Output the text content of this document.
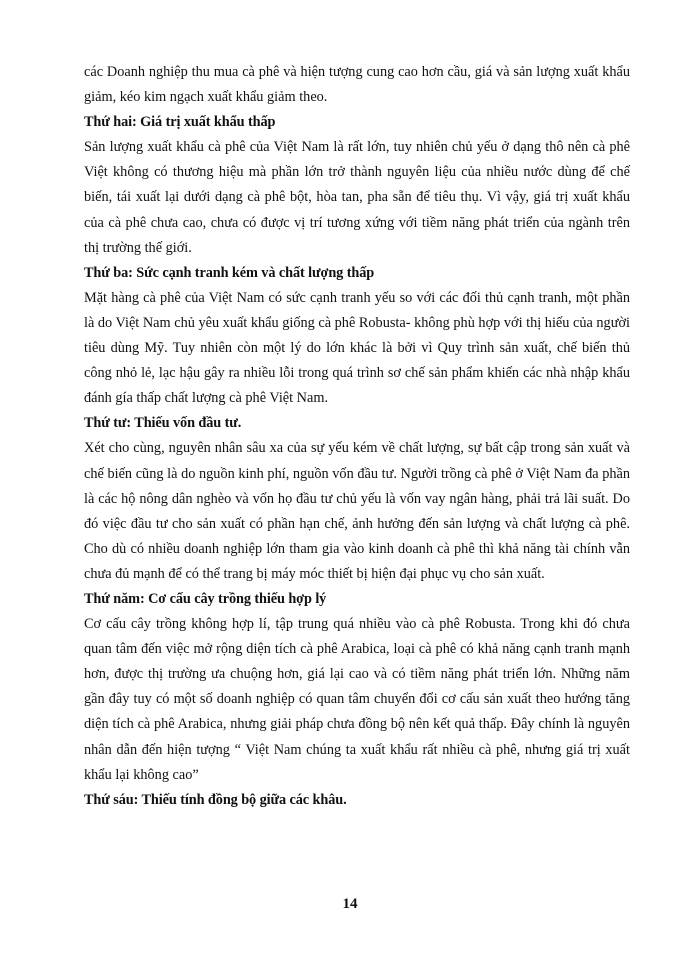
các Doanh nghiệp thu mua cà phê và hiện tượng cung cao hơn cầu, giá và sản lượng xuất khẩu giảm, kéo kim ngạch xuất khẩu giảm theo.

Thứ hai: Giá trị xuất khẩu thấp

Sản lượng xuất khẩu cà phê của Việt Nam là rất lớn, tuy nhiên chủ yếu ở dạng thô nên cà phê Việt không có thương hiệu mà phần lớn trở thành nguyên liệu của nhiều nước dùng để chế biến, tái xuất lại dưới dạng cà phê bột, hòa tan, pha sẵn để tiêu thụ. Vì vậy, giá trị xuất khẩu của cà phê chưa cao, chưa có được vị trí tương xứng với tiềm năng phát triển của ngành trên thị trường thế giới.

Thứ ba: Sức cạnh tranh kém và chất lượng thấp

Mặt hàng cà phê của Việt Nam có sức cạnh tranh yếu so với các đối thủ cạnh tranh, một phần là do Việt Nam chủ yêu xuất khẩu giống cà phê Robusta- không phù hợp với thị hiếu của người tiêu dùng Mỹ. Tuy nhiên còn một lý do lớn khác là bởi vì Quy trình sản xuất, chế biến thủ công nhỏ lẻ, lạc hậu gây ra nhiều lỗi trong quá trình sơ chế sản phẩm khiến các nhà nhập khẩu đánh gía thấp chất lượng cà phê Việt Nam.

Thứ tư: Thiếu vốn đầu tư.

Xét cho cùng, nguyên nhân sâu xa của sự yếu kém về chất lượng, sự bất cập trong sản xuất và chế biến cũng là do nguồn kinh phí, nguồn vốn đầu tư. Người trồng cà phê ở Việt Nam đa phần là các hộ nông dân nghèo và vốn họ đầu tư chủ yếu là vốn vay ngân hàng, phải trả lãi suất. Do đó việc đầu tư cho sản xuất có phần hạn chế, ảnh hưởng đến sản lượng và chất lượng cà phê. Cho dù có nhiều doanh nghiệp lớn tham gia vào kinh doanh cà phê thì khả năng tài chính vẫn chưa đủ mạnh để có thể trang bị máy móc thiết bị hiện đại phục vụ cho sản xuất.

Thứ năm: Cơ cấu cây trồng thiếu hợp lý

Cơ cấu cây trồng không hợp lí, tập trung quá nhiều vào cà phê Robusta. Trong khi đó chưa quan tâm đến việc mở rộng diện tích cà phê Arabica, loại cà phê có khả năng cạnh tranh mạnh hơn, được thị trường ưa chuộng hơn, giá lại cao và có tiềm năng phát triển lớn. Những năm gần đây tuy có một số doanh nghiệp có quan tâm chuyển đổi cơ cấu sản xuất theo hướng tăng diện tích cà phê Arabica, nhưng giải pháp chưa đồng bộ nên kết quả thấp. Đây chính là nguyên nhân dẫn đến hiện tượng “ Việt Nam chúng ta xuất khẩu rất nhiều cà phê, nhưng giá trị xuất khẩu lại không cao”

Thứ sáu: Thiếu tính đồng bộ giữa các khâu.

14
